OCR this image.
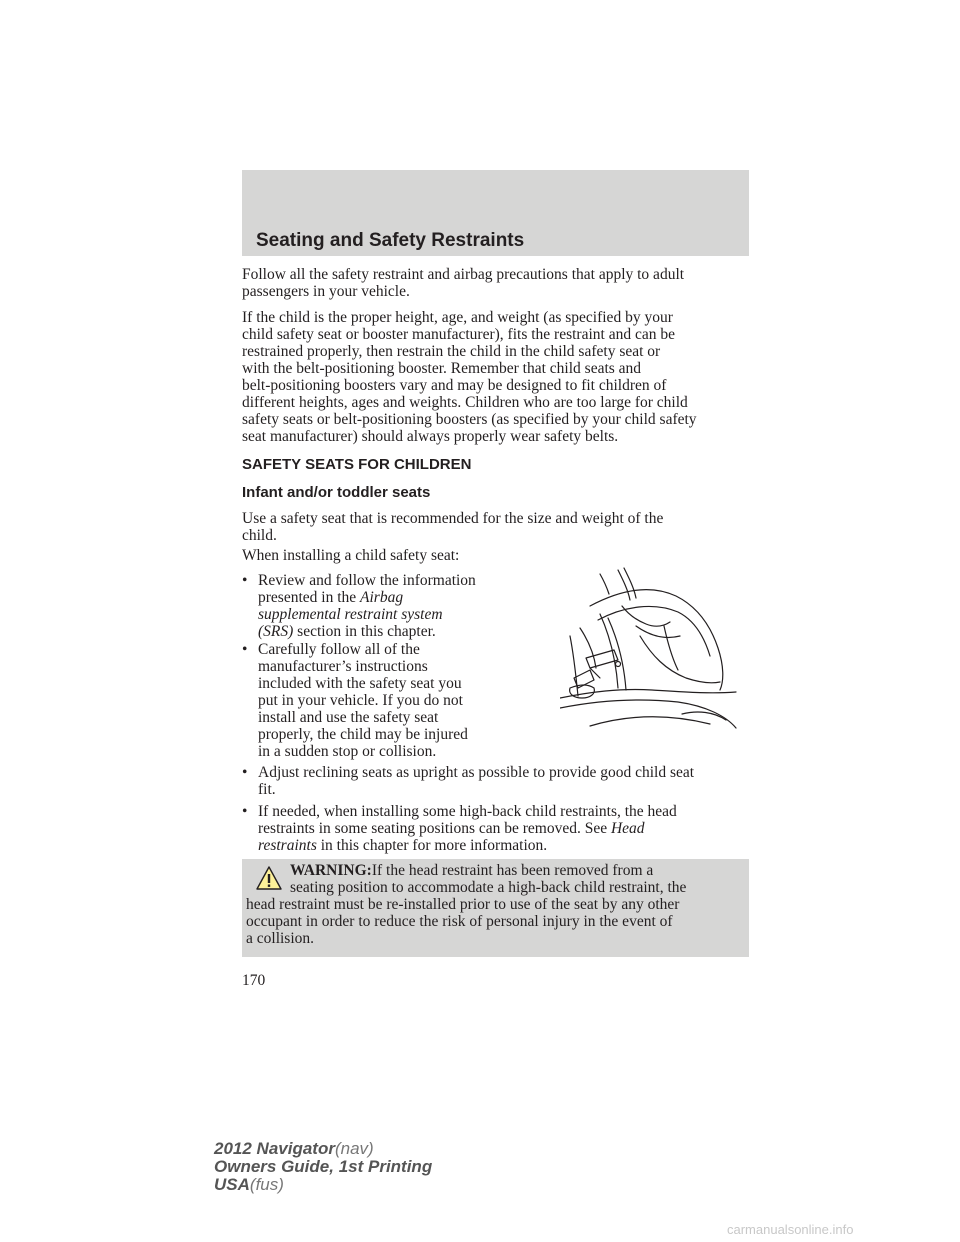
Seating and Safety Restraints
Follow all the safety restraint and airbag precautions that apply to adult
passengers in your vehicle.
If the child is the proper height, age, and weight (as specified by your
child safety seat or booster manufacturer), fits the restraint and can be
restrained properly, then restrain the child in the child safety seat or
with the belt-positioning booster. Remember that child seats and
belt-positioning boosters vary and may be designed to fit children of
different heights, ages and weights. Children who are too large for child
safety seats or belt-positioning boosters (as specified by your child safety
seat manufacturer) should always properly wear safety belts.
SAFETY SEATS FOR CHILDREN
Infant and/or toddler seats
Use a safety seat that is recommended for the size and weight of the
child.
When installing a child safety seat:
• Review and follow the information
presented in the Airbag
supplemental restraint system
(SRS) section in this chapter.
• Carefully follow all of the
manufacturer’s instructions
included with the safety seat you
put in your vehicle. If you do not
install and use the safety seat
properly, the child may be injured
in a sudden stop or collision.
• Adjust reclining seats as upright as possible to provide good child seat
fit.
• If needed, when installing some high-back child restraints, the head
restraints in some seating positions can be removed. See Head
restraints in this chapter for more information.
WARNING:If the head restraint has been removed from a
seating position to accommodate a high-back child restraint, the
head restraint must be re-installed prior to use of the seat by any other
occupant in order to reduce the risk of personal injury in the event of
a collision.
170
2012 Navigator(nav)
Owners Guide, 1st Printing
USA(fus)
carmanualsonline.info
